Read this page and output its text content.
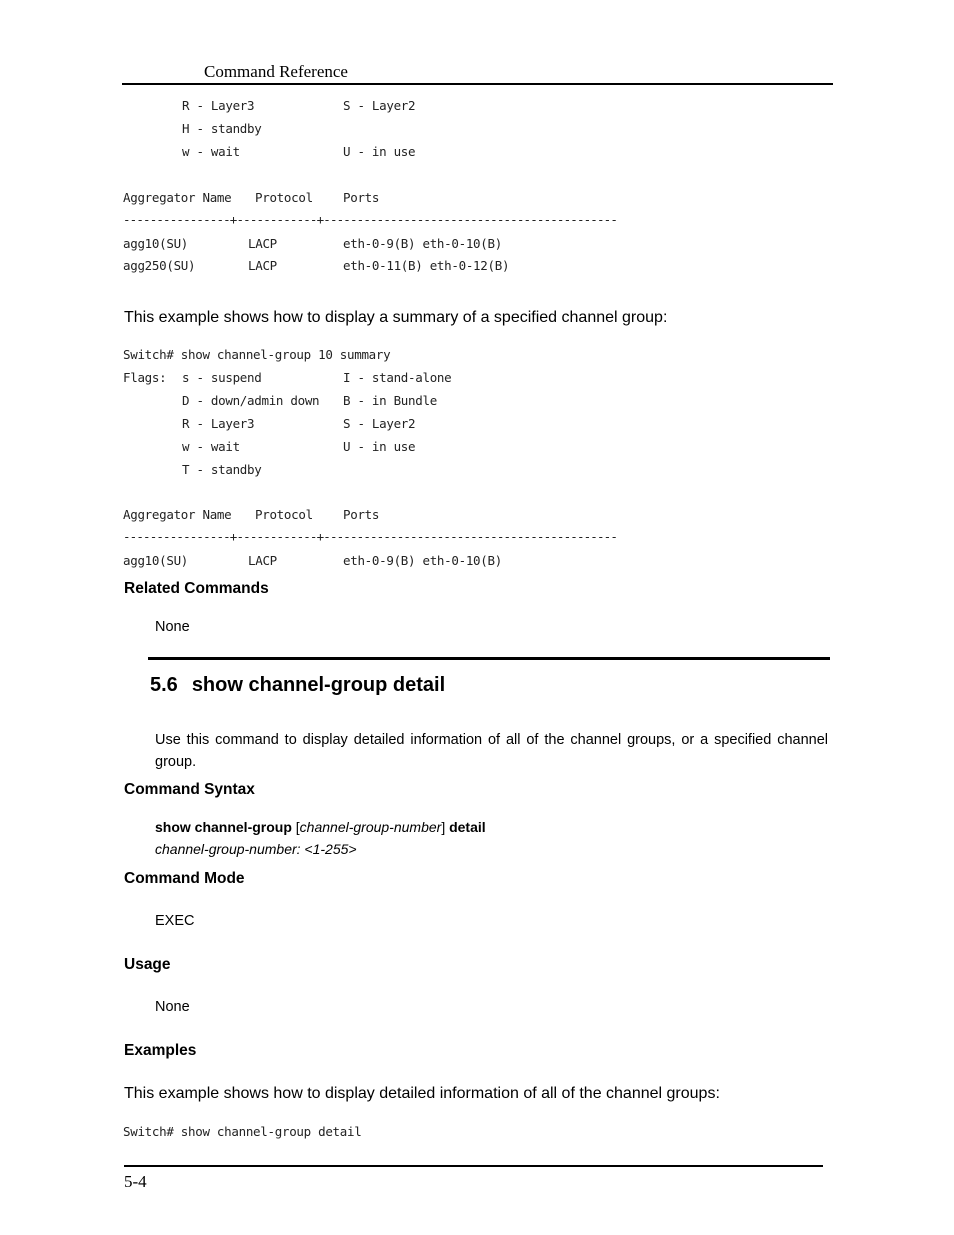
Command Reference
R - Layer3	S - Layer2
H - standby
w - wait	U - in use
Aggregator Name Protocol Ports
----------------+------------+--------------------------------------------
agg10(SU)	LACP	eth-0-9(B) eth-0-10(B)
agg250(SU)	LACP	eth-0-11(B) eth-0-12(B)
This example shows how to display a summary of a specified channel group:
Switch# show channel-group 10 summary
Flags: s - suspend	I - stand-alone
D - down/admin down B - in Bundle
R - Layer3	S - Layer2
w - wait	U - in use
T - standby
Aggregator Name Protocol Ports
----------------+------------+--------------------------------------------
agg10(SU)	LACP	eth-0-9(B) eth-0-10(B)
Related Commands
None
5.6 show channel-group detail
Use this command to display detailed information of all of the channel groups, or a specified channel group.
Command Syntax
show channel-group [channel-group-number] detail
channel-group-number: <1-255>
Command Mode
EXEC
Usage
None
Examples
This example shows how to display detailed information of all of the channel groups:
Switch# show channel-group detail
5-4
